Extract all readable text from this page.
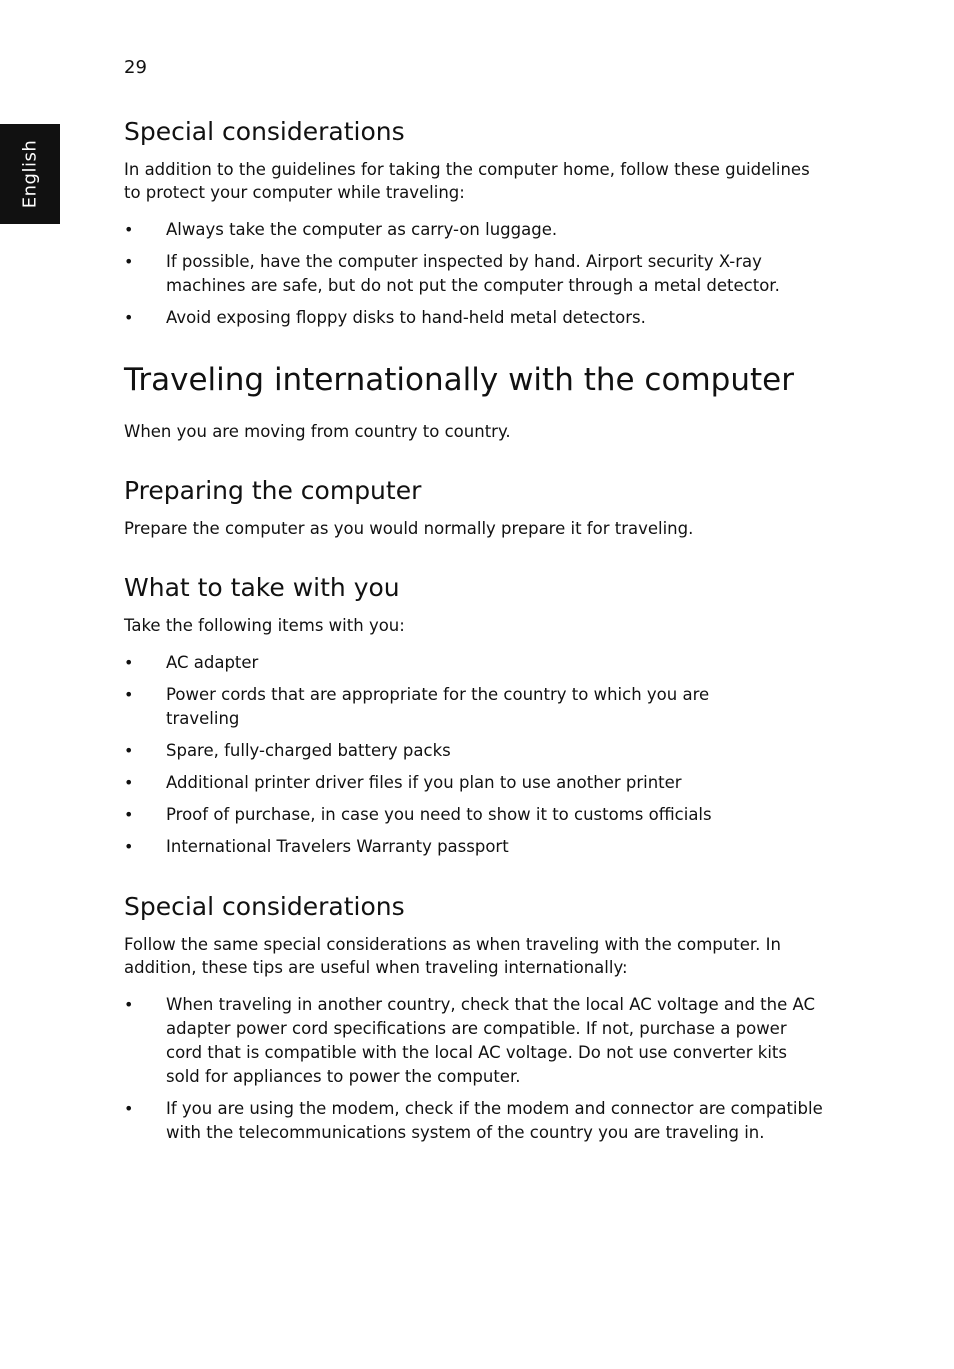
29
English
Special considerations

In addition to the guidelines for taking the computer home, follow these guidelines to protect your computer while traveling:

• Always take the computer as carry-on luggage.
• If possible, have the computer inspected by hand. Airport security X-ray machines are safe, but do not put the computer through a metal detector.
• Avoid exposing floppy disks to hand-held metal detectors.
Traveling internationally with the computer

When you are moving from country to country.

Preparing the computer

Prepare the computer as you would normally prepare it for traveling.

What to take with you

Take the following items with you:

• AC adapter
• Power cords that are appropriate for the country to which you are traveling
• Spare, fully-charged battery packs
• Additional printer driver files if you plan to use another printer
• Proof of purchase, in case you need to show it to customs officials
• International Travelers Warranty passport
Special considerations

Follow the same special considerations as when traveling with the computer. In addition, these tips are useful when traveling internationally:

• When traveling in another country, check that the local AC voltage and the AC adapter power cord specifications are compatible. If not, purchase a power cord that is compatible with the local AC voltage. Do not use converter kits sold for appliances to power the computer.
• If you are using the modem, check if the modem and connector are compatible with the telecommunications system of the country you are traveling in.
